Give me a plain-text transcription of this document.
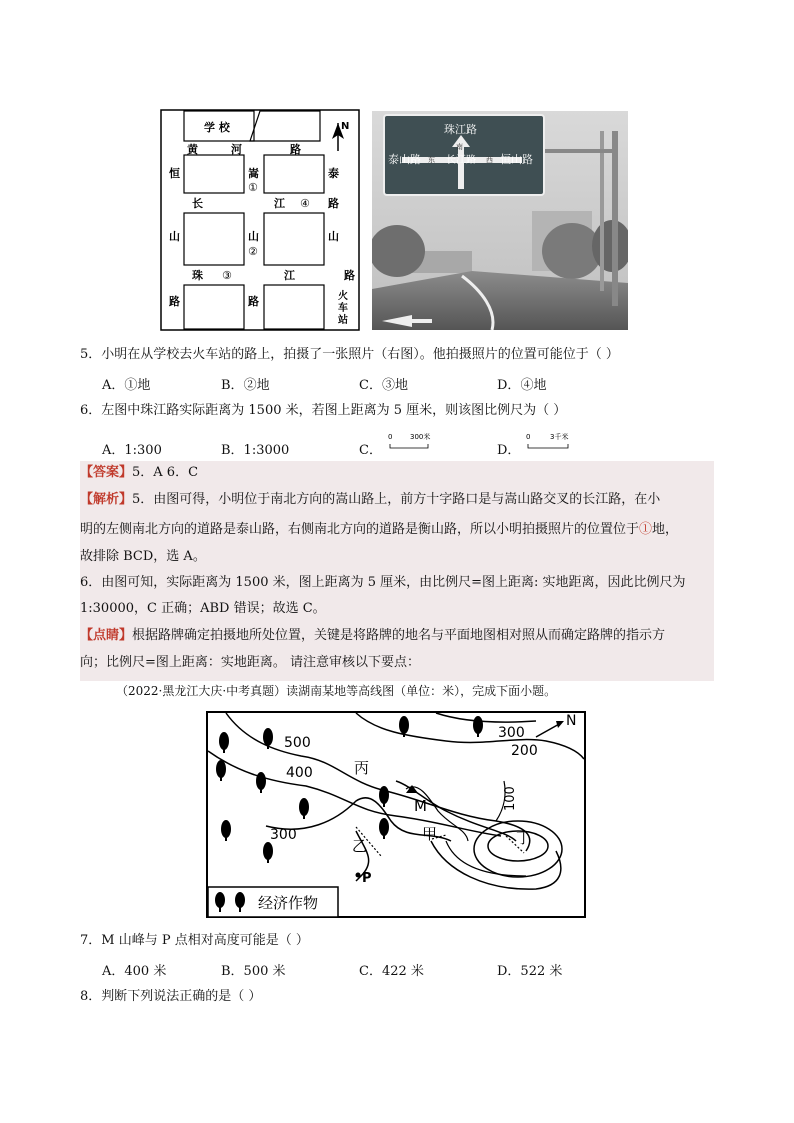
N
学 校
黄	河	路
恒
山
路
嵩
①
山
②
路
泰
山
路
长	江 ④
珠 ③	江	路
火
车
站
珠江路
南
泰山路 东 长江路 西 恒山路
5．小明在从学校去火车站的路上，拍摄了一张照片（右图）。他拍摄照片的位置可能位于（ ）
A．①地	B．②地	C．③地	D．④地
6．左图中珠江路实际距离为 1500 米，若图上距离为 5 厘米，则该图比例尺为（ ）
A．1:300	B．1:3000	C．
0	300米
D．
0	3千米
【答案】5．A 6．C
【解析】5．由图可得，小明位于南北方向的嵩山路上，前方十字路口是与嵩山路交叉的长江路，在小
明的左侧南北方向的道路是泰山路，右侧南北方向的道路是衡山路，所以小明拍摄照片的位置位于①地，
故排除 BCD，选 A。
6．由图可知，实际距离为 1500 米，图上距离为 5 厘米，由比例尺=图上距离: 实地距离，因此比例尺为
1:30000，C 正确；ABD 错误；故选 C。
【点睛】根据路牌确定拍摄地所处位置，关键是将路牌的地名与平面地图相对照从而确定路牌的指示方
向；比例尺=图上距离：实地距离。 请注意审核以下要点：
（2022·黑龙江大庆·中考真题）读湖南某地等高线图（单位：米），完成下面小题。
500
400
300
300
200
100
丙
M
甲
乙
P
丁
N
经济作物
7．M 山峰与 P 点相对高度可能是（ ）
A．400 米	B．500 米	C．422 米	D．522 米
8．判断下列说法正确的是（ ）
